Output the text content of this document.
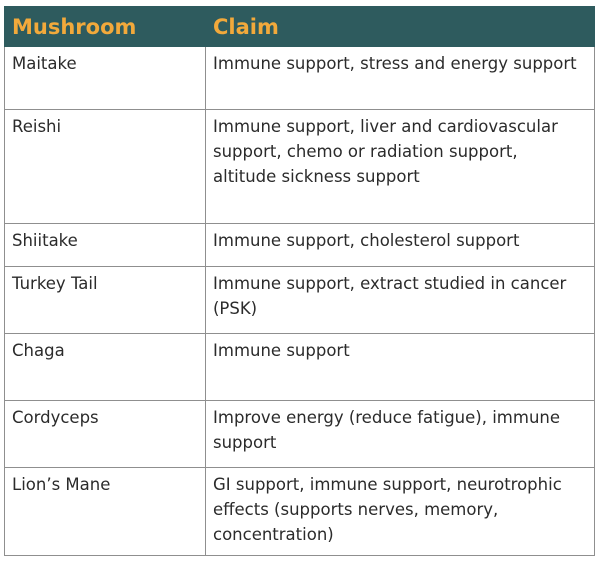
Mushroom	Claim
Maitake	Immune support, stress and energy support
Reishi	Immune support, liver and cardiovascular support, chemo or radiation support, altitude sickness support
Shiitake	Immune support, cholesterol support
Turkey Tail	Immune support, extract studied in cancer (PSK)
Chaga	Immune support
Cordyceps	Improve energy (reduce fatigue), immune support
Lion’s Mane	GI support, immune support, neurotrophic effects (supports nerves, memory, concentration)
